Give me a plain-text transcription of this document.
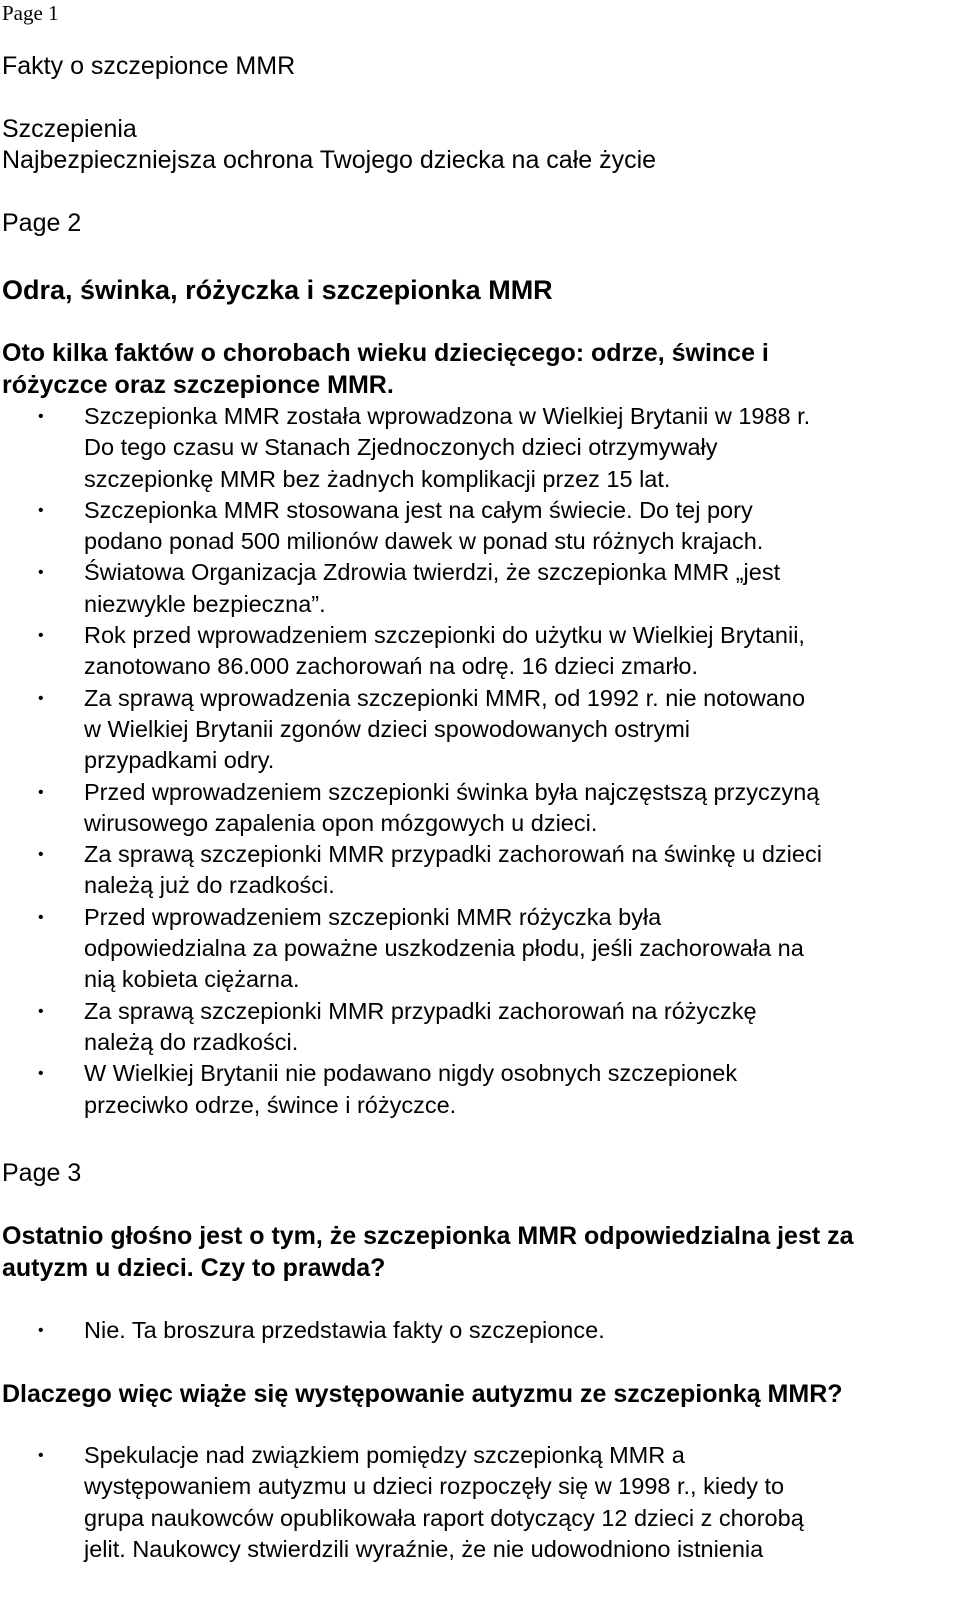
Page 1
Fakty o szczepionce MMR
Szczepienia
Najbezpieczniejsza ochrona Twojego dziecka na całe życie
Page 2
Odra, świnka, różyczka i szczepionka MMR
Oto kilka faktów o chorobach wieku dziecięcego: odrze, śwince i
różyczce oraz szczepionce MMR.
• Szczepionka MMR została wprowadzona w Wielkiej Brytanii w 1988 r.
Do tego czasu w Stanach Zjednoczonych dzieci otrzymywały
szczepionkę MMR bez żadnych komplikacji przez 15 lat.
• Szczepionka MMR stosowana jest na całym świecie. Do tej pory
podano ponad 500 milionów dawek w ponad stu różnych krajach.
• Światowa Organizacja Zdrowia twierdzi, że szczepionka MMR „jest
niezwykle bezpieczna”.
• Rok przed wprowadzeniem szczepionki do użytku w Wielkiej Brytanii,
zanotowano 86.000 zachorowań na odrę. 16 dzieci zmarło.
• Za sprawą wprowadzenia szczepionki MMR, od 1992 r. nie notowano
w Wielkiej Brytanii zgonów dzieci spowodowanych ostrymi
przypadkami odry.
• Przed wprowadzeniem szczepionki świnka była najczęstszą przyczyną
wirusowego zapalenia opon mózgowych u dzieci.
• Za sprawą szczepionki MMR przypadki zachorowań na świnkę u dzieci
należą już do rzadkości.
• Przed wprowadzeniem szczepionki MMR różyczka była
odpowiedzialna za poważne uszkodzenia płodu, jeśli zachorowała na
nią kobieta ciężarna.
• Za sprawą szczepionki MMR przypadki zachorowań na różyczkę
należą do rzadkości.
• W Wielkiej Brytanii nie podawano nigdy osobnych szczepionek
przeciwko odrze, śwince i różyczce.
Page 3
Ostatnio głośno jest o tym, że szczepionka MMR odpowiedzialna jest za
autyzm u dzieci. Czy to prawda?
• Nie. Ta broszura przedstawia fakty o szczepionce.
Dlaczego więc wiąże się występowanie autyzmu ze szczepionką MMR?
• Spekulacje nad związkiem pomiędzy szczepionką MMR a
występowaniem autyzmu u dzieci rozpoczęły się w 1998 r., kiedy to
grupa naukowców opublikowała raport dotyczący 12 dzieci z chorobą
jelit. Naukowcy stwierdzili wyraźnie, że nie udowodniono istnienia
